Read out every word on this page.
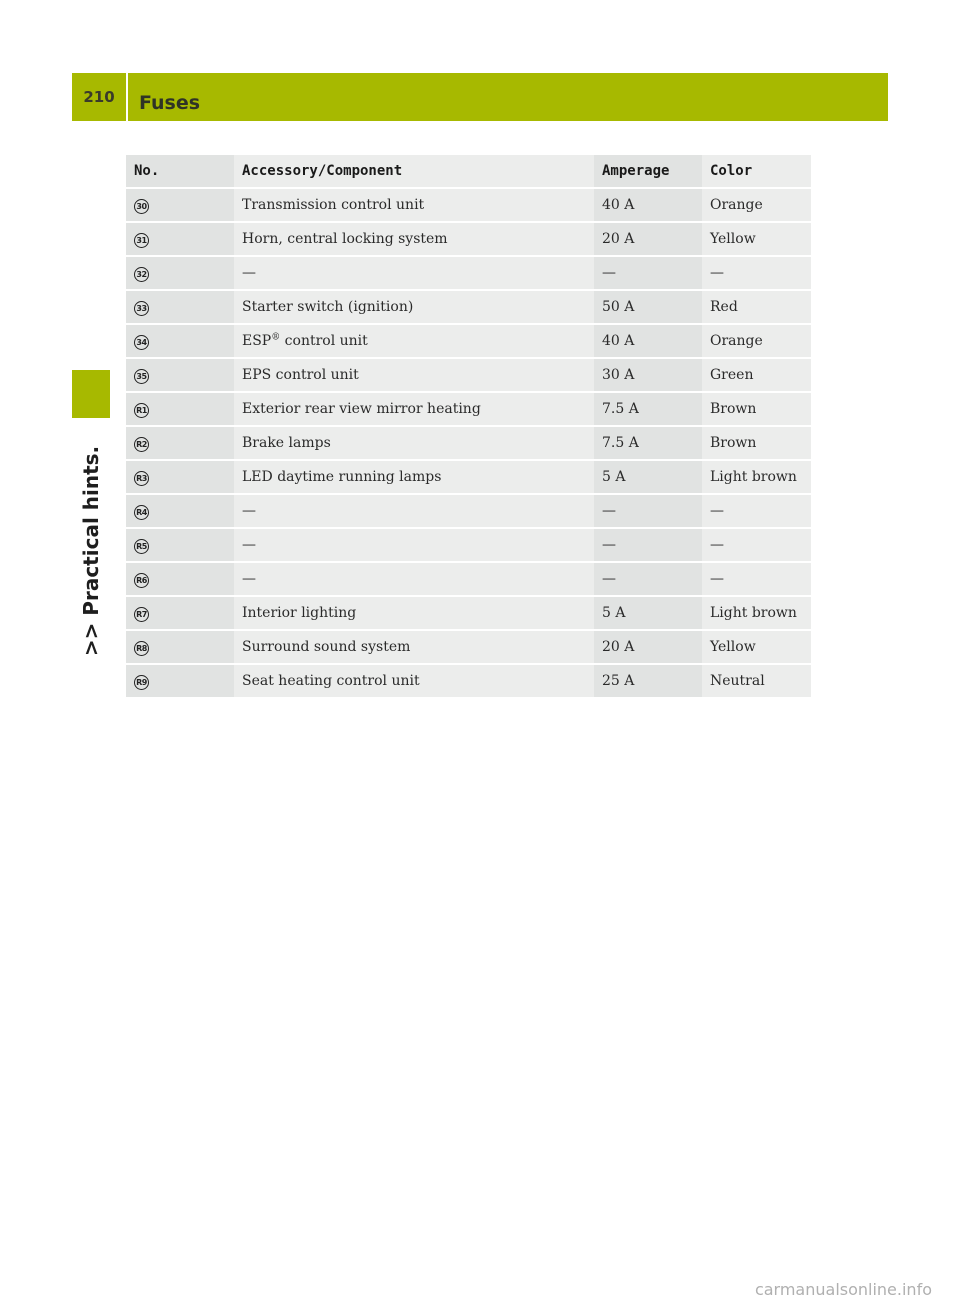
210	Fuses
>> Practical hints.
No.	Accessory/Component	Amperage	Color
30	Transmission control unit	40 A	Orange
31	Horn, central locking system	20 A	Yellow
32	—	—	—
33	Starter switch (ignition)	50 A	Red
34	ESP® control unit	40 A	Orange
35	EPS control unit	30 A	Green
R1	Exterior rear view mirror heating	7.5 A	Brown
R2	Brake lamps	7.5 A	Brown
R3	LED daytime running lamps	5 A	Light brown
R4	—	—	—
R5	—	—	—
R6	—	—	—
R7	Interior lighting	5 A	Light brown
R8	Surround sound system	20 A	Yellow
R9	Seat heating control unit	25 A	Neutral
carmanualsonline.info
